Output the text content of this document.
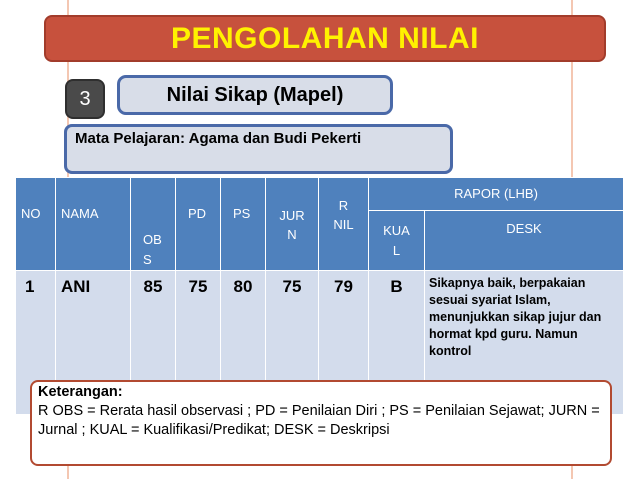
PENGOLAHAN NILAI
3	Nilai Sikap (Mapel)
Mata Pelajaran: Agama dan Budi Pekerti
NO	NAMA	OB S	PD	PS	JUR N	R NIL	RAPOR (LHB)	

							KUA L	DESK

1	ANI	85	75	80	75	79	B	Sikapnya baik, berpakaian sesuai syariat Islam, menunjukkan sikap jujur dan hormat kpd guru. Namun kontrol
Keterangan:
R OBS = Rerata hasil observasi ; PD = Penilaian Diri ; PS = Penilaian Sejawat; JURN = Jurnal ; KUAL = Kualifikasi/Predikat; DESK = Deskripsi
